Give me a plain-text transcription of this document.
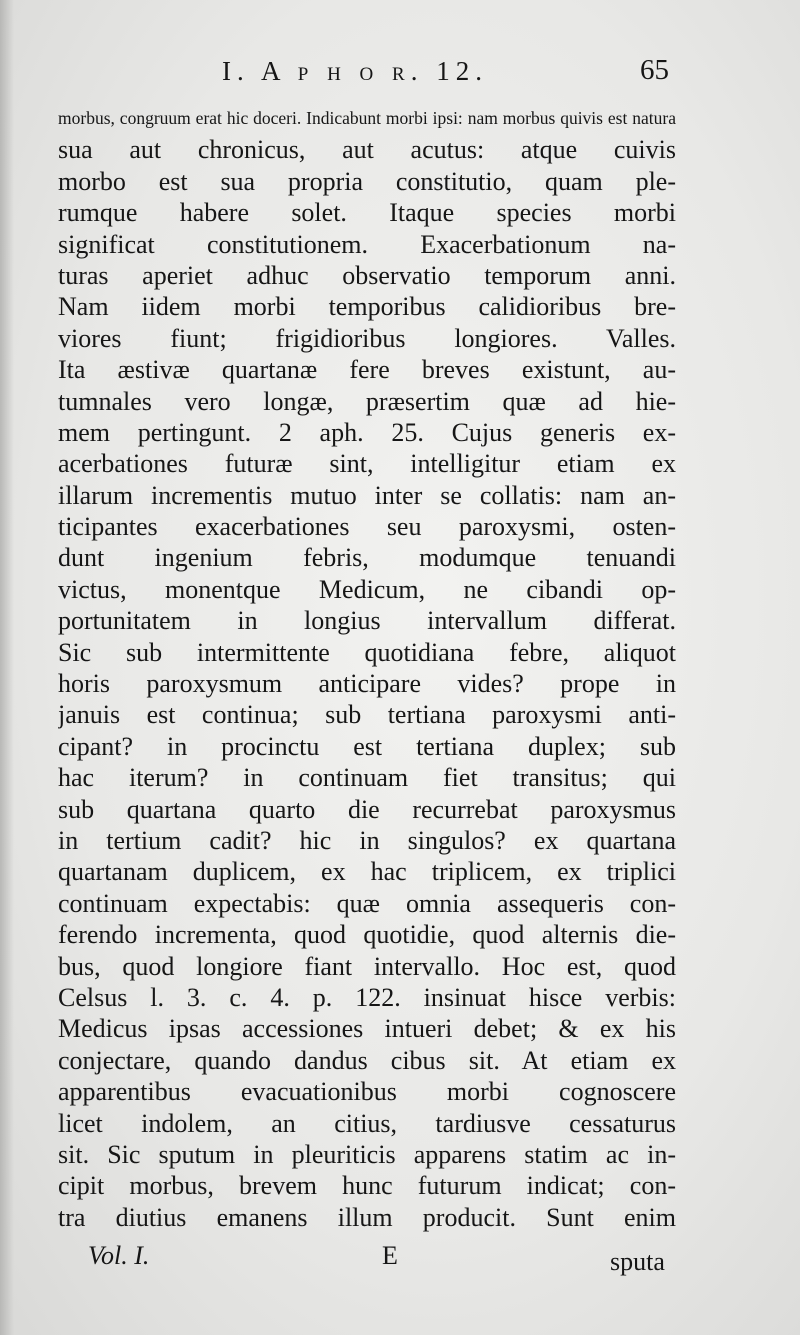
I. A p h o r. 12.	65
morbus, congruum erat hic doceri. Indicabunt morbi ipsi: nam morbus quivis est natura
sua aut chronicus, aut acutus: atque cuivis
morbo est sua propria constitutio, quam ple-
rumque habere solet. Itaque species morbi
significat constitutionem. Exacerbationum na-
turas aperiet adhuc observatio temporum anni.
Nam iidem morbi temporibus calidioribus bre-
viores fiunt; frigidioribus longiores. Valles.
Ita æstivæ quartanæ fere breves existunt, au-
tumnales vero longæ, præsertim quæ ad hie-
mem pertingunt. 2 aph. 25. Cujus generis ex-
acerbationes futuræ sint, intelligitur etiam ex
illarum incrementis mutuo inter se collatis: nam an-
ticipantes exacerbationes seu paroxysmi, osten-
dunt ingenium febris, modumque tenuandi
victus, monentque Medicum, ne cibandi op-
portunitatem in longius intervallum differat.
Sic sub intermittente quotidiana febre, aliquot
horis paroxysmum anticipare vides? prope in
januis est continua; sub tertiana paroxysmi anti-
cipant? in procinctu est tertiana duplex; sub
hac iterum? in continuam fiet transitus; qui
sub quartana quarto die recurrebat paroxysmus
in tertium cadit? hic in singulos? ex quartana
quartanam duplicem, ex hac triplicem, ex triplici
continuam expectabis: quæ omnia assequeris con-
ferendo incrementa, quod quotidie, quod alternis die-
bus, quod longiore fiant intervallo. Hoc est, quod
Celsus l. 3. c. 4. p. 122. insinuat hisce verbis:
Medicus ipsas accessiones intueri debet; & ex his
conjectare, quando dandus cibus sit. At etiam ex
apparentibus evacuationibus morbi cognoscere
licet indolem, an citius, tardiusve cessaturus
sit. Sic sputum in pleuriticis apparens statim ac in-
cipit morbus, brevem hunc futurum indicat; con-
tra diutius emanens illum producit. Sunt enim
Vol. I.	E	sputa
